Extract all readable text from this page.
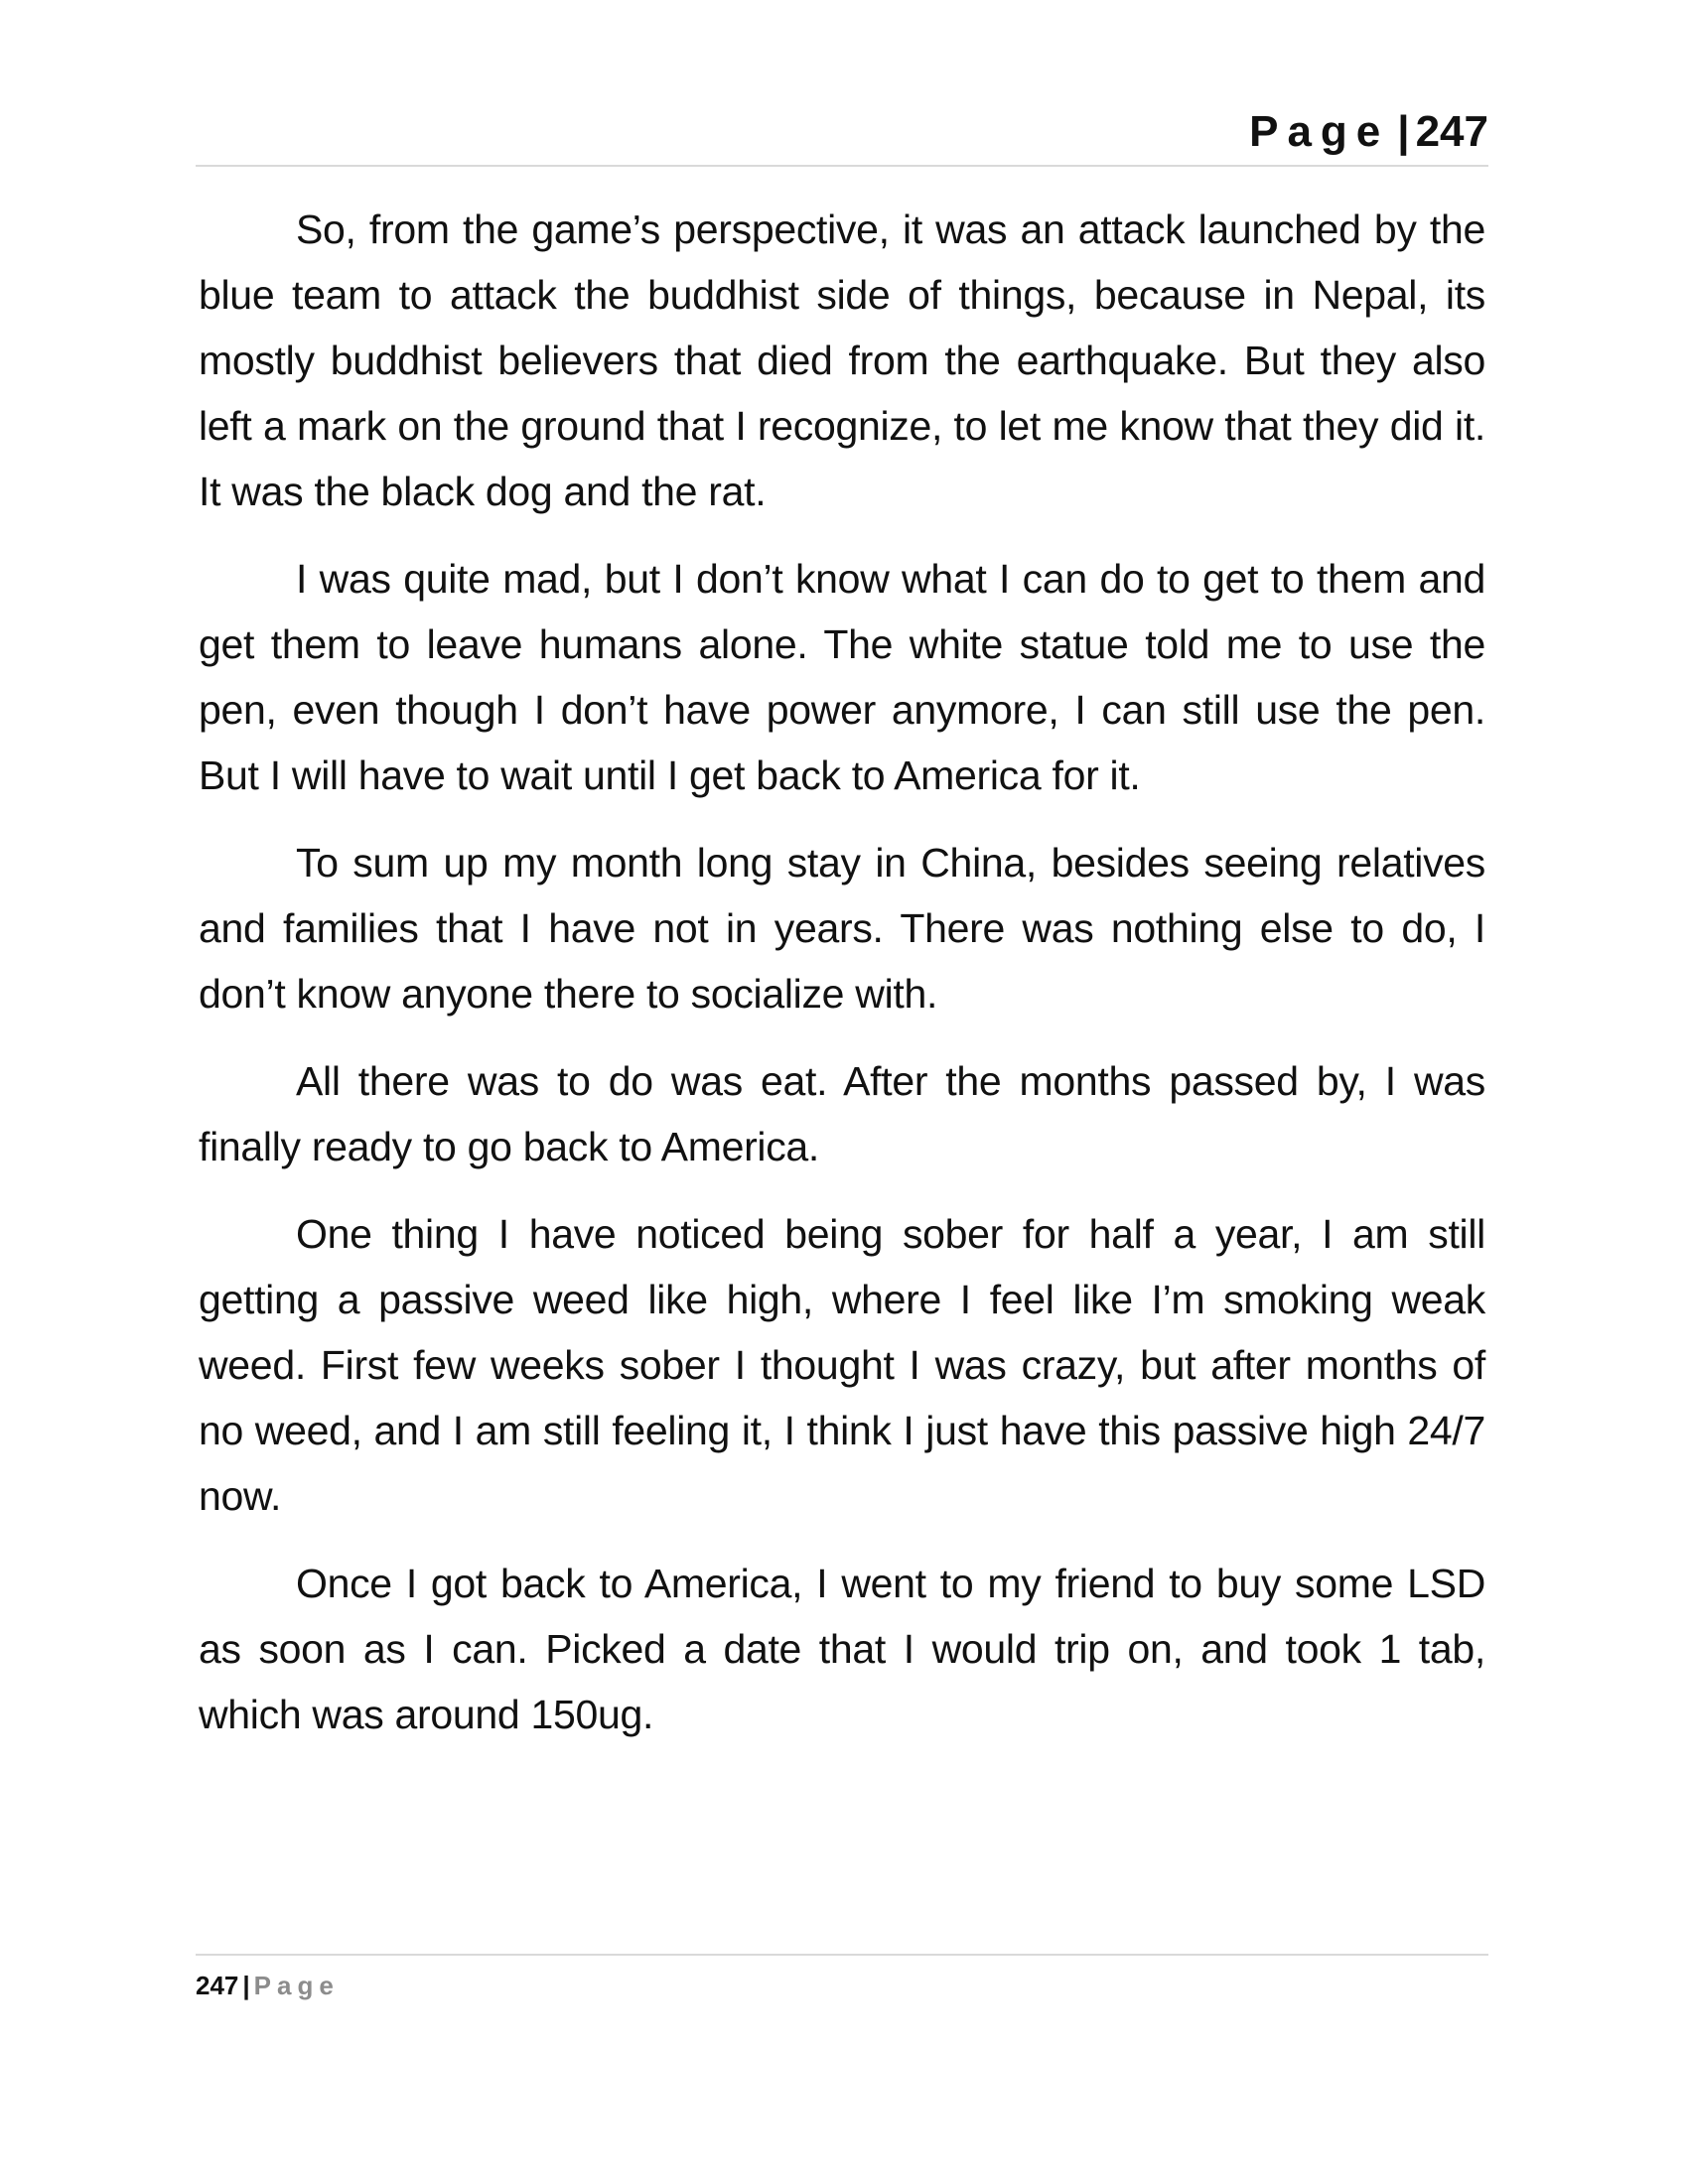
Page | 247

So, from the game’s perspective, it was an attack launched by the blue team to attack the buddhist side of things, because in Nepal, its mostly buddhist believers that died from the earthquake. But they also left a mark on the ground that I recognize, to let me know that they did it. It was the black dog and the rat.

I was quite mad, but I don’t know what I can do to get to them and get them to leave humans alone. The white statue told me to use the pen, even though I don’t have power anymore, I can still use the pen. But I will have to wait until I get back to America for it.

To sum up my month long stay in China, besides seeing relatives and families that I have not in years. There was nothing else to do, I don’t know anyone there to socialize with.

All there was to do was eat. After the months passed by, I was finally ready to go back to America.

One thing I have noticed being sober for half a year, I am still getting a passive weed like high, where I feel like I’m smoking weak weed. First few weeks sober I thought I was crazy, but after months of no weed, and I am still feeling it, I think I just have this passive high 24/7 now.

Once I got back to America, I went to my friend to buy some LSD as soon as I can. Picked a date that I would trip on, and took 1 tab, which was around 150ug.

247 | Page
